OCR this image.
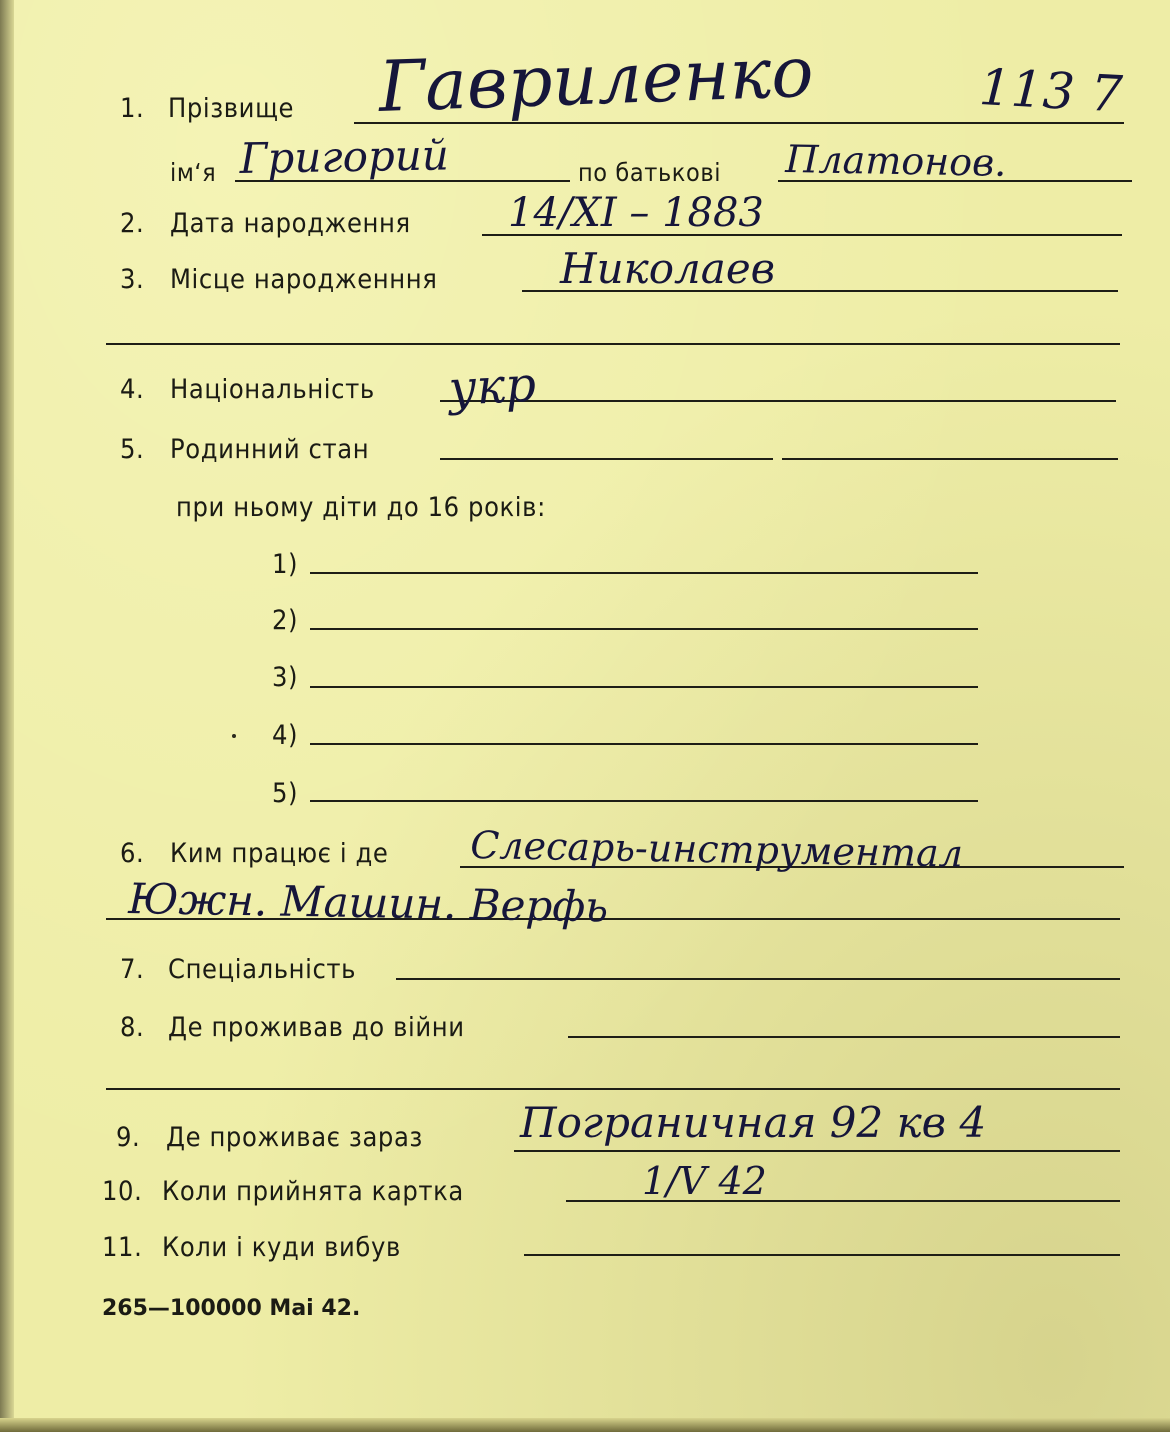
1. Прізвище Гавриленко	113 7
ім‘я Григорий	по батькові Платонов.
2. Дата народження 14/XI – 1883
3. Місце народженння	Николаев
4. Національність укр
5. Родинний стан
при ньому діти до 16 років:
1)
2)
3)
4)
5)
6. Ким працює і де Слесарь-инструментал
Южн. Машин. Верфь
7. Спеціальність
8. Де проживав до війни
9. Де проживає зараз Пограничная 92 кв 4
10. Коли прийнята картка	1/V 42
11. Коли і куди вибув
265—100000 Mai 42.
